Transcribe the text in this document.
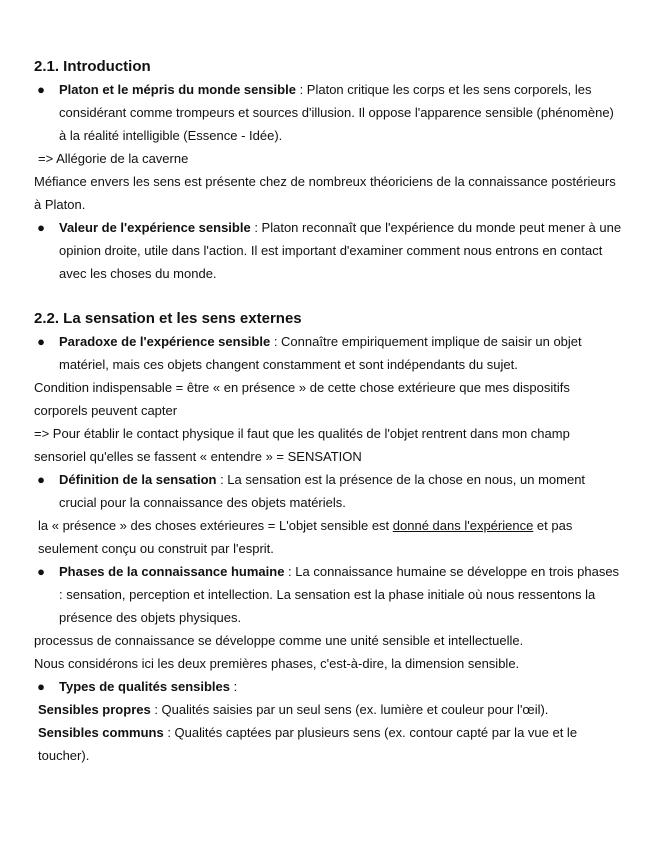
2.1. Introduction

● Platon et le mépris du monde sensible : Platon critique les corps et les sens corporels, les considérant comme trompeurs et sources d'illusion. Il oppose l'apparence sensible (phénomène) à la réalité intelligible (Essence - Idée).

=> Allégorie de la caverne

Méfiance envers les sens est présente chez de nombreux théoriciens de la connaissance postérieurs à Platon.

● Valeur de l'expérience sensible : Platon reconnaît que l'expérience du monde peut mener à une opinion droite, utile dans l'action. Il est important d'examiner comment nous entrons en contact avec les choses du monde.

2.2. La sensation et les sens externes

● Paradoxe de l'expérience sensible : Connaître empiriquement implique de saisir un objet matériel, mais ces objets changent constamment et sont indépendants du sujet.

Condition indispensable = être « en présence » de cette chose extérieure que mes dispositifs corporels peuvent capter

=> Pour établir le contact physique il faut que les qualités de l'objet rentrent dans mon champ sensoriel qu'elles se fassent « entendre » = SENSATION

● Définition de la sensation : La sensation est la présence de la chose en nous, un moment crucial pour la connaissance des objets matériels.

la « présence » des choses extérieures = L'objet sensible est donné dans l'expérience et pas seulement conçu ou construit par l'esprit.

● Phases de la connaissance humaine : La connaissance humaine se développe en trois phases : sensation, perception et intellection. La sensation est la phase initiale où nous ressentons la présence des objets physiques.

processus de connaissance se développe comme une unité sensible et intellectuelle.

Nous considérons ici les deux premières phases, c'est-à-dire, la dimension sensible.

● Types de qualités sensibles :

Sensibles propres : Qualités saisies par un seul sens (ex. lumière et couleur pour l'œil).

Sensibles communs : Qualités captées par plusieurs sens (ex. contour capté par la vue et le toucher).
